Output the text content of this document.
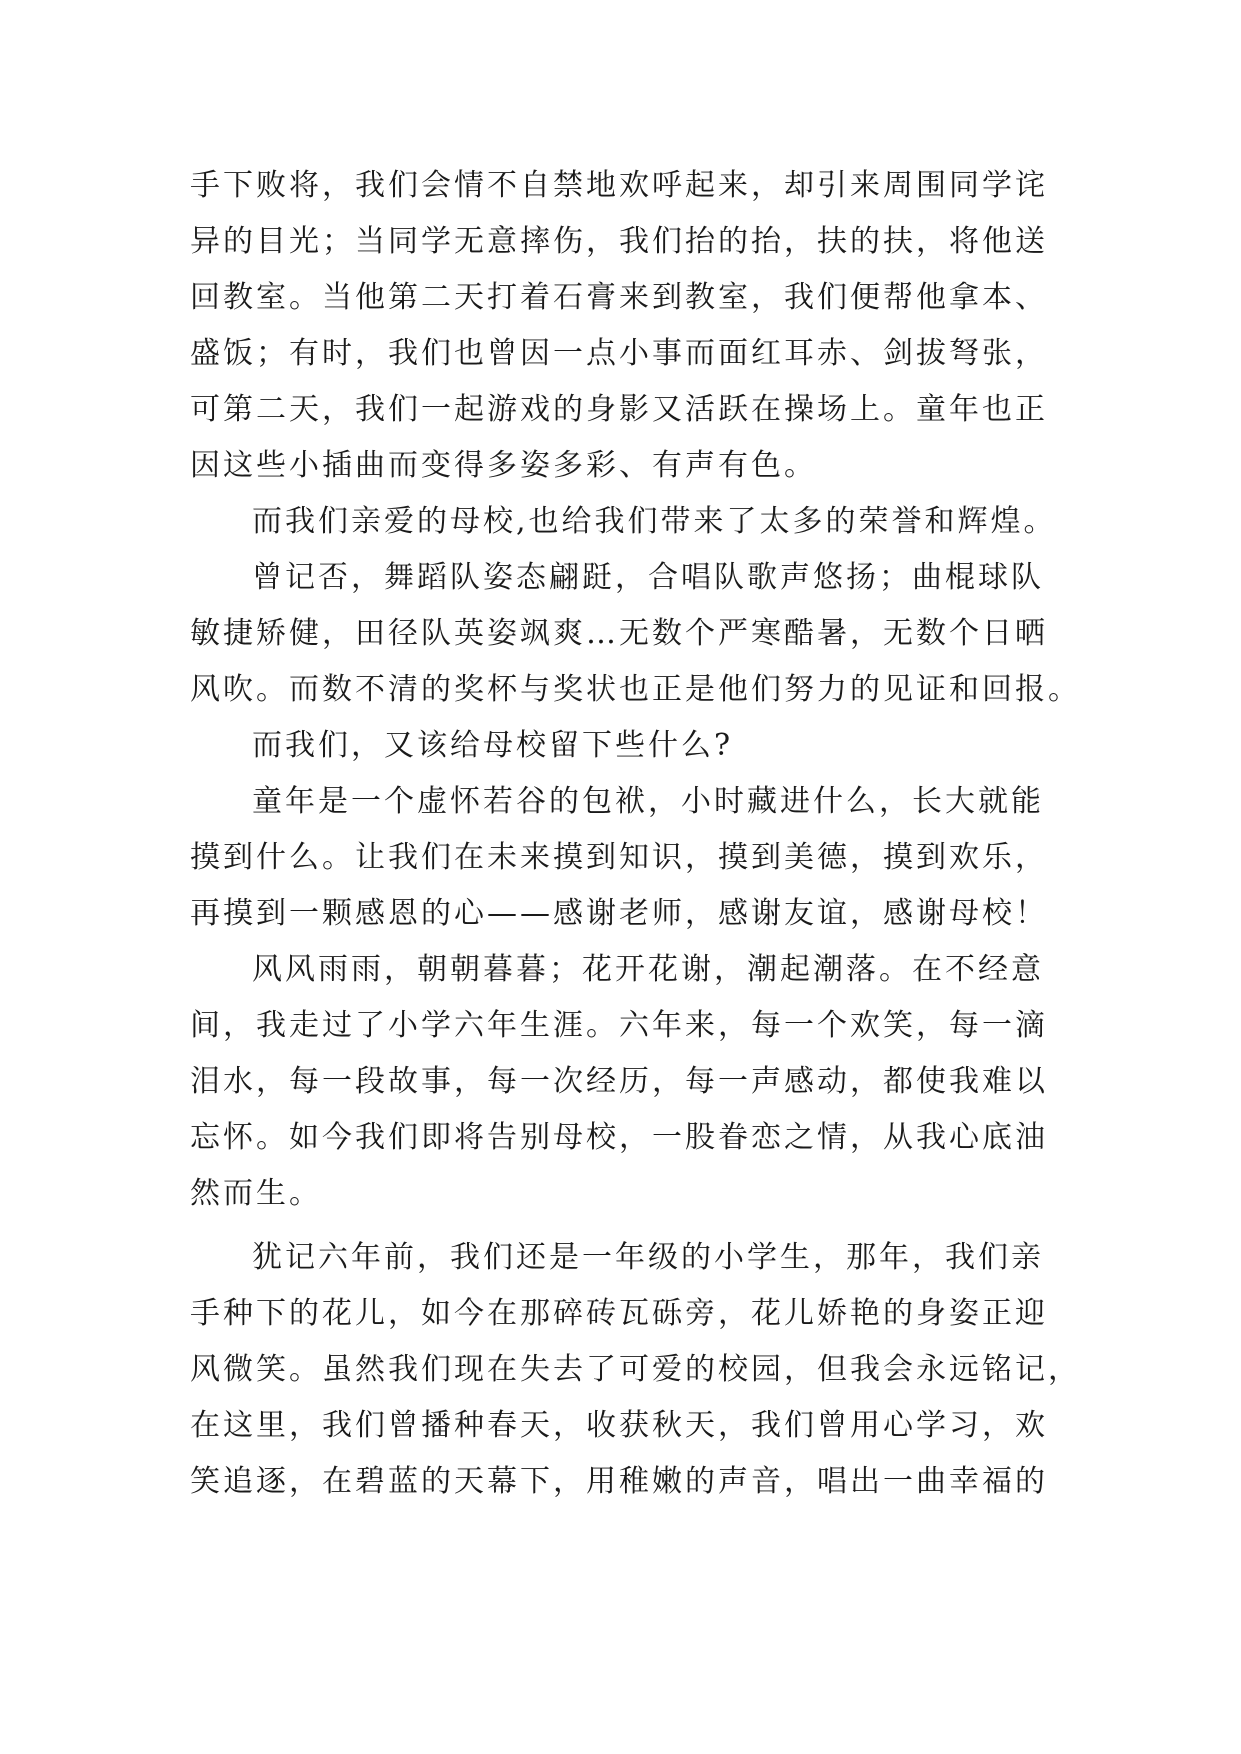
手下败将，我们会情不自禁地欢呼起来，却引来周围同学诧
异的目光；当同学无意摔伤，我们抬的抬，扶的扶，将他送
回教室。当他第二天打着石膏来到教室，我们便帮他拿本、
盛饭；有时，我们也曾因一点小事而面红耳赤、剑拔弩张，
可第二天，我们一起游戏的身影又活跃在操场上。童年也正
因这些小插曲而变得多姿多彩、有声有色。
而我们亲爱的母校,也给我们带来了太多的荣誉和辉煌。
曾记否，舞蹈队姿态翩跹，合唱队歌声悠扬；曲棍球队
敏捷矫健，田径队英姿飒爽…无数个严寒酷暑，无数个日晒
风吹。而数不清的奖杯与奖状也正是他们努力的见证和回报。
而我们，又该给母校留下些什么?
童年是一个虚怀若谷的包袱，小时藏进什么，长大就能
摸到什么。让我们在未来摸到知识，摸到美德，摸到欢乐，
再摸到一颗感恩的心——感谢老师，感谢友谊，感谢母校！
风风雨雨，朝朝暮暮；花开花谢，潮起潮落。在不经意
间，我走过了小学六年生涯。六年来，每一个欢笑，每一滴
泪水，每一段故事，每一次经历，每一声感动，都使我难以
忘怀。如今我们即将告别母校，一股眷恋之情，从我心底油
然而生。
犹记六年前，我们还是一年级的小学生，那年，我们亲
手种下的花儿，如今在那碎砖瓦砾旁，花儿娇艳的身姿正迎
风微笑。虽然我们现在失去了可爱的校园，但我会永远铭记，
在这里，我们曾播种春天，收获秋天，我们曾用心学习，欢
笑追逐，在碧蓝的天幕下，用稚嫩的声音，唱出一曲幸福的
